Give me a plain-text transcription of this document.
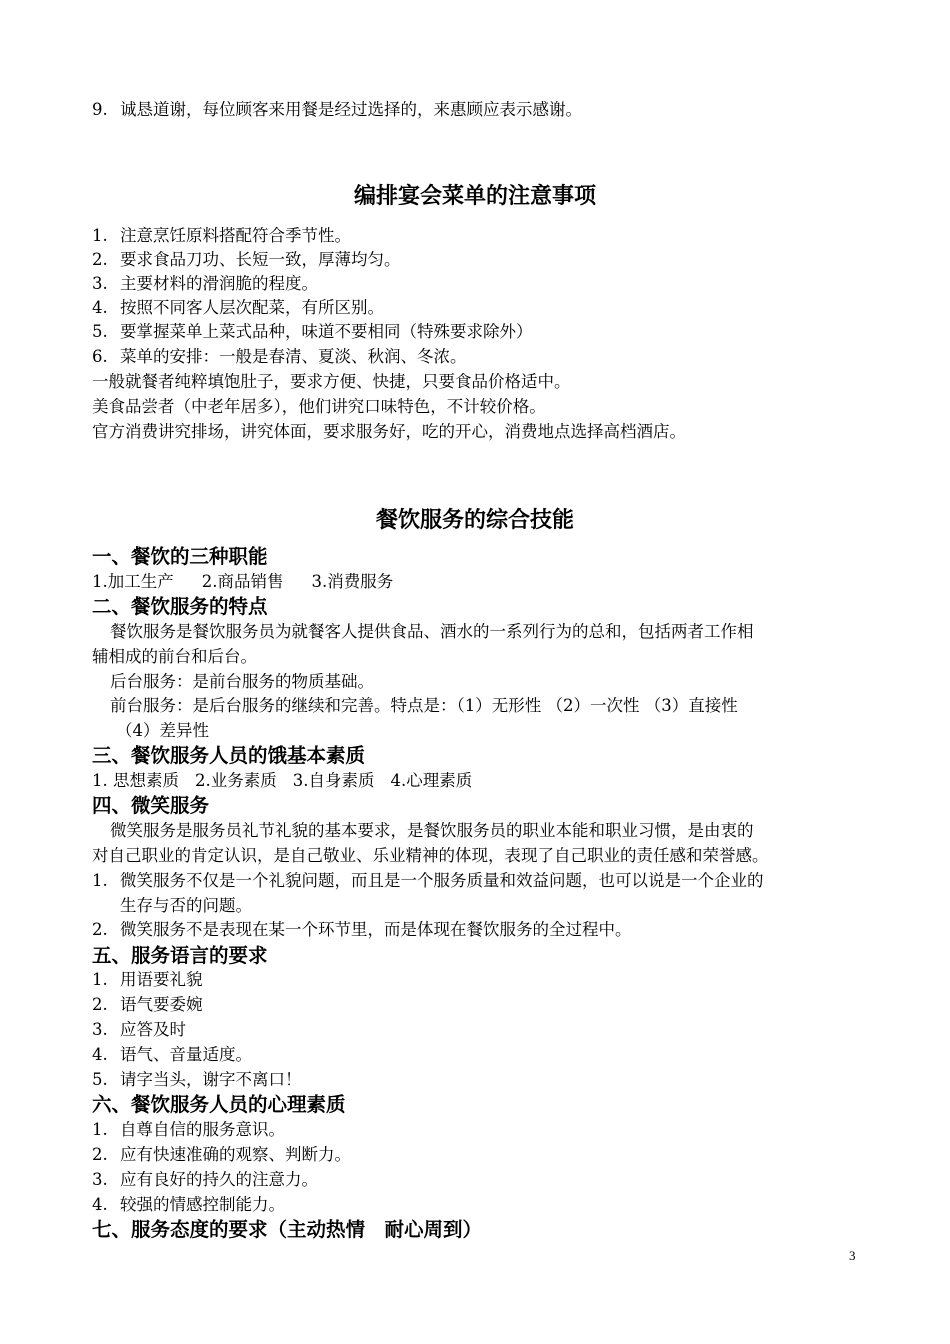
9. 诚恳道谢，每位顾客来用餐是经过选择的，来惠顾应表示感谢。
编排宴会菜单的注意事项
1. 注意烹饪原料搭配符合季节性。
2. 要求食品刀功、长短一致，厚薄均匀。
3. 主要材料的滑润脆的程度。
4. 按照不同客人层次配菜，有所区别。
5. 要掌握菜单上菜式品种，味道不要相同（特殊要求除外）
6. 菜单的安排：一般是春清、夏淡、秋润、冬浓。
一般就餐者纯粹填饱肚子，要求方便、快捷，只要食品价格适中。
美食品尝者（中老年居多），他们讲究口味特色，不计较价格。
官方消费讲究排场，讲究体面，要求服务好，吃的开心，消费地点选择高档酒店。
餐饮服务的综合技能
一、餐饮的三种职能
1.加工生产 2.商品销售 3.消费服务
二、餐饮服务的特点
餐饮服务是餐饮服务员为就餐客人提供食品、酒水的一系列行为的总和，包括两者工作相
辅相成的前台和后台。
后台服务：是前台服务的物质基础。
前台服务：是后台服务的继续和完善。特点是：（1）无形性 （2）一次性 （3）直接性
（4）差异性
三、餐饮服务人员的饿基本素质
1. 思想素质 2.业务素质 3.自身素质 4.心理素质
四、微笑服务
微笑服务是服务员礼节礼貌的基本要求，是餐饮服务员的职业本能和职业习惯，是由衷的
对自己职业的肯定认识，是自己敬业、乐业精神的体现，表现了自己职业的责任感和荣誉感。
1. 微笑服务不仅是一个礼貌问题，而且是一个服务质量和效益问题，也可以说是一个企业的
生存与否的问题。
2. 微笑服务不是表现在某一个环节里，而是体现在餐饮服务的全过程中。
五、服务语言的要求
1. 用语要礼貌
2. 语气要委婉
3. 应答及时
4. 语气、音量适度。
5. 请字当头，谢字不离口！
六、餐饮服务人员的心理素质
1. 自尊自信的服务意识。
2. 应有快速准确的观察、判断力。
3. 应有良好的持久的注意力。
4. 较强的情感控制能力。
七、服务态度的要求（主动热情　耐心周到）
3
